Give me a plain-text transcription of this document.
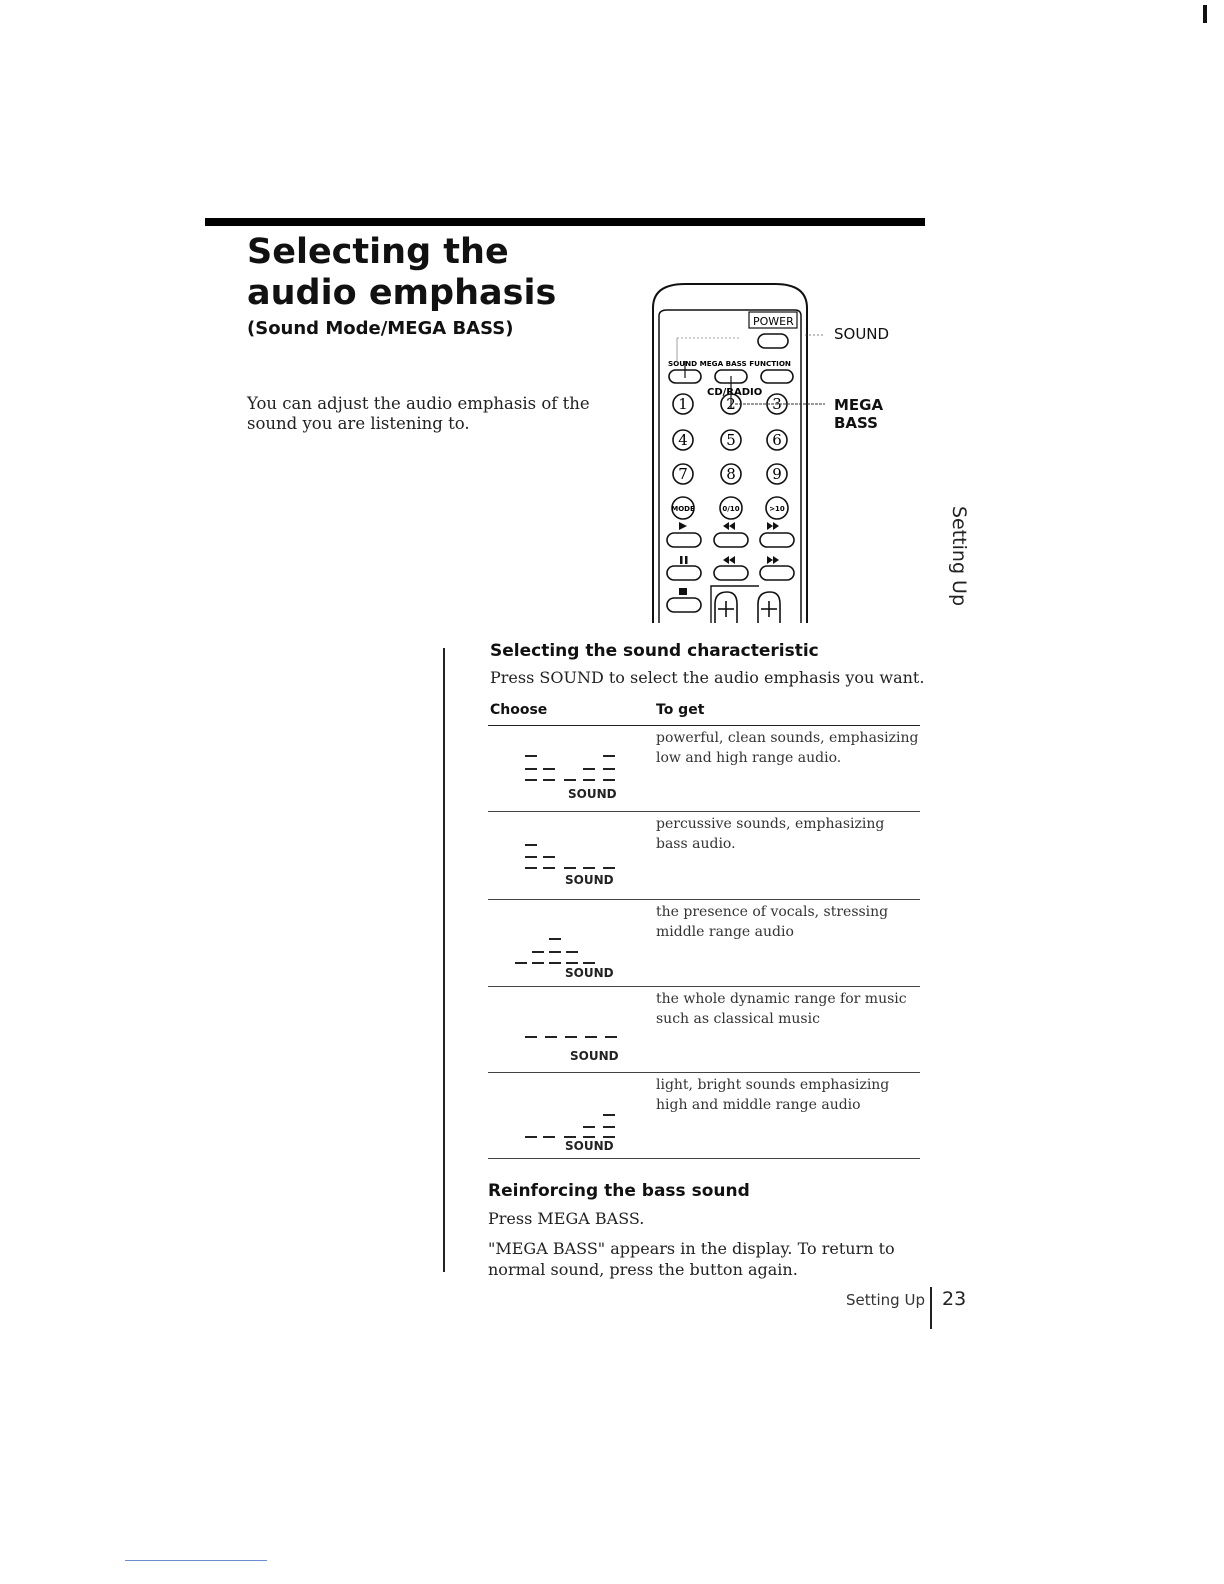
Selecting the
audio emphasis
(Sound Mode/MEGA BASS)
You can adjust the audio emphasis of the sound you are listening to.
POWER
SOUND MEGA BASS FUNCTION
CD/RADIO
1	2 3
4	5 6
7	8 9
MODE	0/10	>10
SOUND
MEGA
BASS
Setting Up
Selecting the sound characteristic
Press SOUND to select the audio emphasis you want.
Choose	To get
SOUND
powerful, clean sounds, emphasizing low and high range audio.
SOUND
percussive sounds, emphasizing bass audio.
SOUND
the presence of vocals, stressing middle range audio
SOUND
the whole dynamic range for music such as classical music
SOUND
light, bright sounds emphasizing high and middle range audio
Reinforcing the bass sound
Press MEGA BASS.
"MEGA BASS" appears in the display. To return to normal sound, press the button again.
Setting Up 23
